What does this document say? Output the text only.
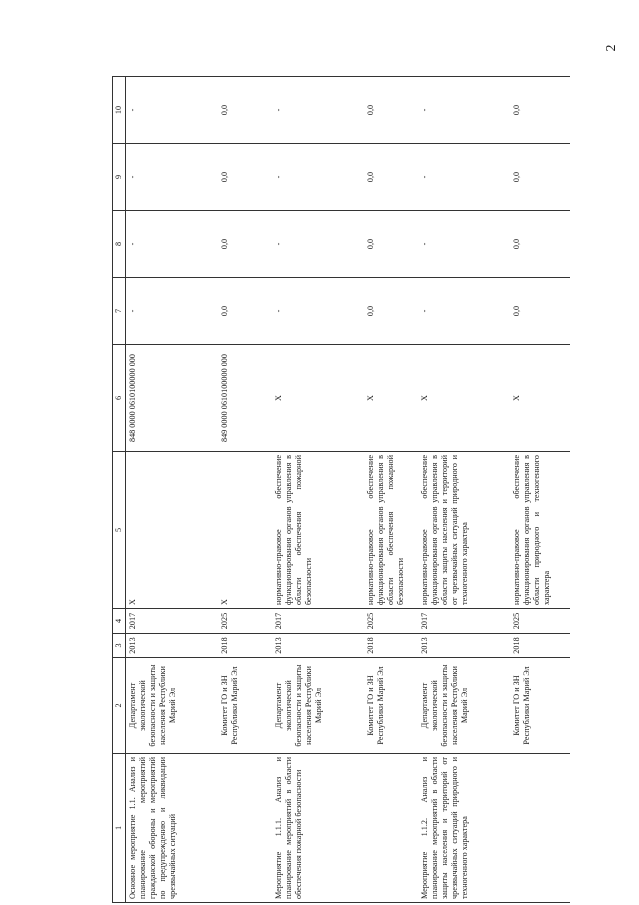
2
1	2	3	4	5	6	7	8	9	10
Основное мероприятие 1.1. Анализ и планирование мероприятий гражданской обороны и мероприятий по предупреждению и ликвидации чрезвычайных ситуаций	Департамент экологической безопасности и защиты населения Республики Марий Эл	2013	2017	X	848 0000 0610100000 000	-	-	-	-
	Комитет ГО и ЗН Республики Марий Эл	2018	2025	X	849 0000 0610100000 000	0,0	0,0	0,0	0,0
Мероприятие 1.1.1. Анализ и планирование мероприятий в области обеспечения пожарной безопасности	Департамент экологической безопасности и защиты населения Республики Марий Эл	2013	2017	нормативно-правовое обеспечение функционирования органов управления в области обеспечения пожарной безопасности	X	-	-	-	-
	Комитет ГО и ЗН Республики Марий Эл	2018	2025	нормативно-правовое обеспечение функционирования органов управления в области обеспечения пожарной безопасности	X	0,0	0,0	0,0	0,0
Мероприятие 1.1.2. Анализ и планирование мероприятий в области защиты населения и территорий от чрезвычайных ситуаций природного и техногенного характера	Департамент экологической безопасности и защиты населения Республики Марий Эл	2013	2017	нормативно-правовое обеспечение функционирования органов управления в области защиты населения и территорий от чрезвычайных ситуаций природного и техногенного характера	X	-	-	-	-
	Комитет ГО и ЗН Республики Марий Эл	2018	2025	нормативно-правовое обеспечение функционирования органов управления в области природного и техногенного характера	X	0,0	0,0	0,0	0,0
